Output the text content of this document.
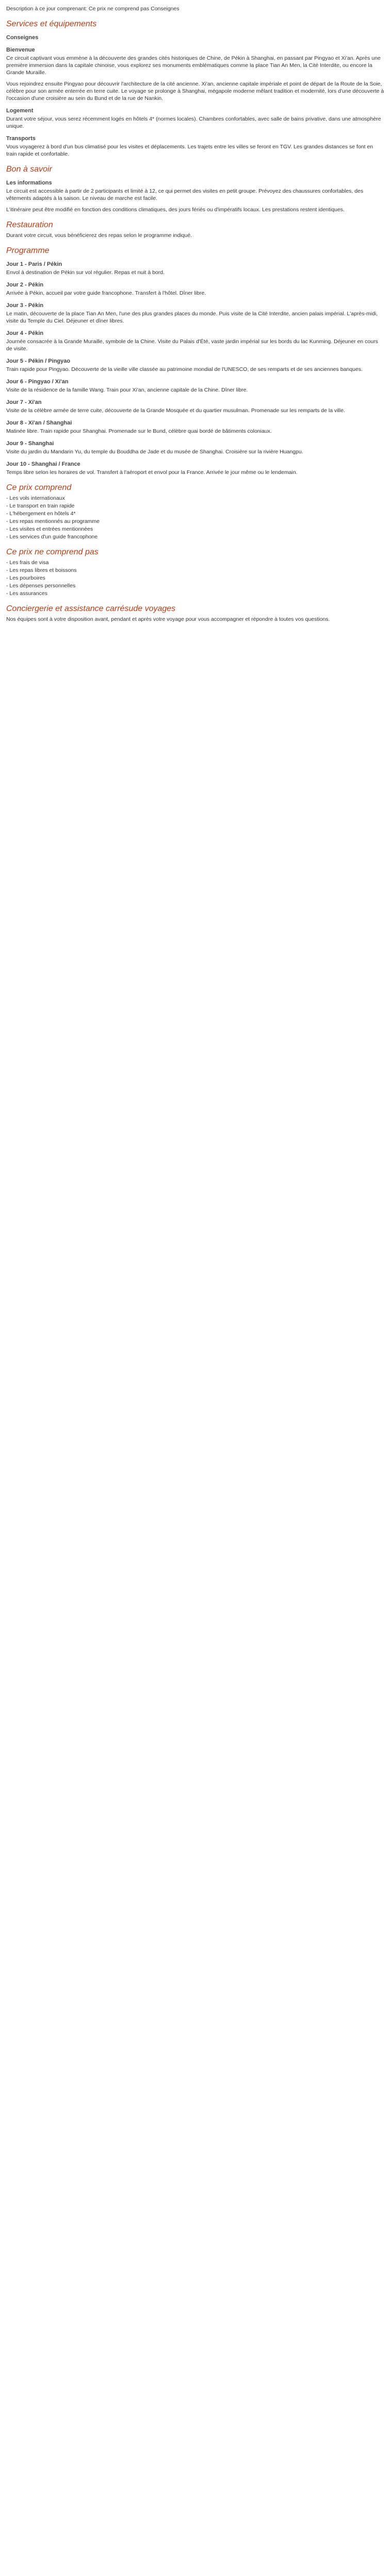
Description à ce jour comprenant: Ce prix ne comprend pas Conseignes
Services et équipements
Conseignes
Bienvenue

Ce circuit captivant vous emmène à la découverte des grandes cités historiques de Chine, de Pékin à Shanghai, en passant par Pingyao et Xi'an. Après une première immersion dans la capitale chinoise, vous explorez ses monuments emblématiques comme la place Tian An Men, la Cité Interdite, ou encore la Grande Muraille.

Vous rejoindrez ensuite Pingyao pour découvrir l'architecture de la cité ancienne. Xi'an, ancienne capitale impériale et point de départ de la Route de la Soie, célèbre pour son armée enterrée en terre cuite. Le voyage se prolonge à Shanghai, mégapole moderne mêlant tradition et modernité, lors d'une découverte à l'occasion d'une croisière au sein du Bund et de la rue de Nankin.

Logement

Durant votre séjour, vous serez récemment logés en hôtels 4* (normes locales). Chambres confortables, avec salle de bains privative, dans une atmosphère unique.

Transports

Vous voyagerez à bord d'un bus climatisé pour les visites et déplacements. Les trajets entre les villes se feront en TGV. Les grandes distances se font en train rapide et confortable.

Bon à savoir
Les informations

Le circuit est accessible à partir de 2 participants et limité à 12, ce qui permet des visites en petit groupe. Prévoyez des chaussures confortables, des vêtements adaptés à la saison. Le niveau de marche est facile.

L'itinéraire peut être modifié en fonction des conditions climatiques, des jours fériés ou d'impératifs locaux. Les prestations restent identiques.

Restauration

Durant votre circuit, vous bénéficierez des repas selon le programme indiqué.

Programme
Jour 1 - Paris / Pékin

Envol à destination de Pékin sur vol régulier. Repas et nuit à bord.

Jour 2 - Pékin

Arrivée à Pékin, accueil par votre guide francophone. Transfert à l'hôtel. Dîner libre.

Jour 3 - Pékin

Le matin, découverte de la place Tian An Men, l'une des plus grandes places du monde. Puis visite de la Cité Interdite, ancien palais impérial. L'après-midi, visite du Temple du Ciel. Déjeuner et dîner libres.

Jour 4 - Pékin

Journée consacrée à la Grande Muraille, symbole de la Chine. Visite du Palais d'Été, vaste jardin impérial sur les bords du lac Kunming. Déjeuner en cours de visite.

Jour 5 - Pékin / Pingyao

Train rapide pour Pingyao. Découverte de la vieille ville classée au patrimoine mondial de l'UNESCO, de ses remparts et de ses anciennes banques.

Jour 6 - Pingyao / Xi'an

Visite de la résidence de la famille Wang. Train pour Xi'an, ancienne capitale de la Chine. Dîner libre.

Jour 7 - Xi'an

Visite de la célèbre armée de terre cuite, découverte de la Grande Mosquée et du quartier musulman. Promenade sur les remparts de la ville.

Jour 8 - Xi'an / Shanghai

Matinée libre. Train rapide pour Shanghai. Promenade sur le Bund, célèbre quai bordé de bâtiments coloniaux.

Jour 9 - Shanghai

Visite du jardin du Mandarin Yu, du temple du Bouddha de Jade et du musée de Shanghai. Croisière sur la rivière Huangpu.

Jour 10 - Shanghai / France

Temps libre selon les horaires de vol. Transfert à l'aéroport et envol pour la France. Arrivée le jour même ou le lendemain.

Ce prix comprend
- Les vols internationaux
- Le transport en train rapide
- L'hébergement en hôtels 4*
- Les repas mentionnés au programme
- Les visites et entrées mentionnées
- Les services d'un guide francophone
Ce prix ne comprend pas
- Les frais de visa
- Les repas libres et boissons
- Les pourboires
- Les dépenses personnelles
- Les assurances
Conciergerie et assistance carrésude voyages

Nos équipes sont à votre disposition avant, pendant et après votre voyage pour vous accompagner et répondre à toutes vos questions.
